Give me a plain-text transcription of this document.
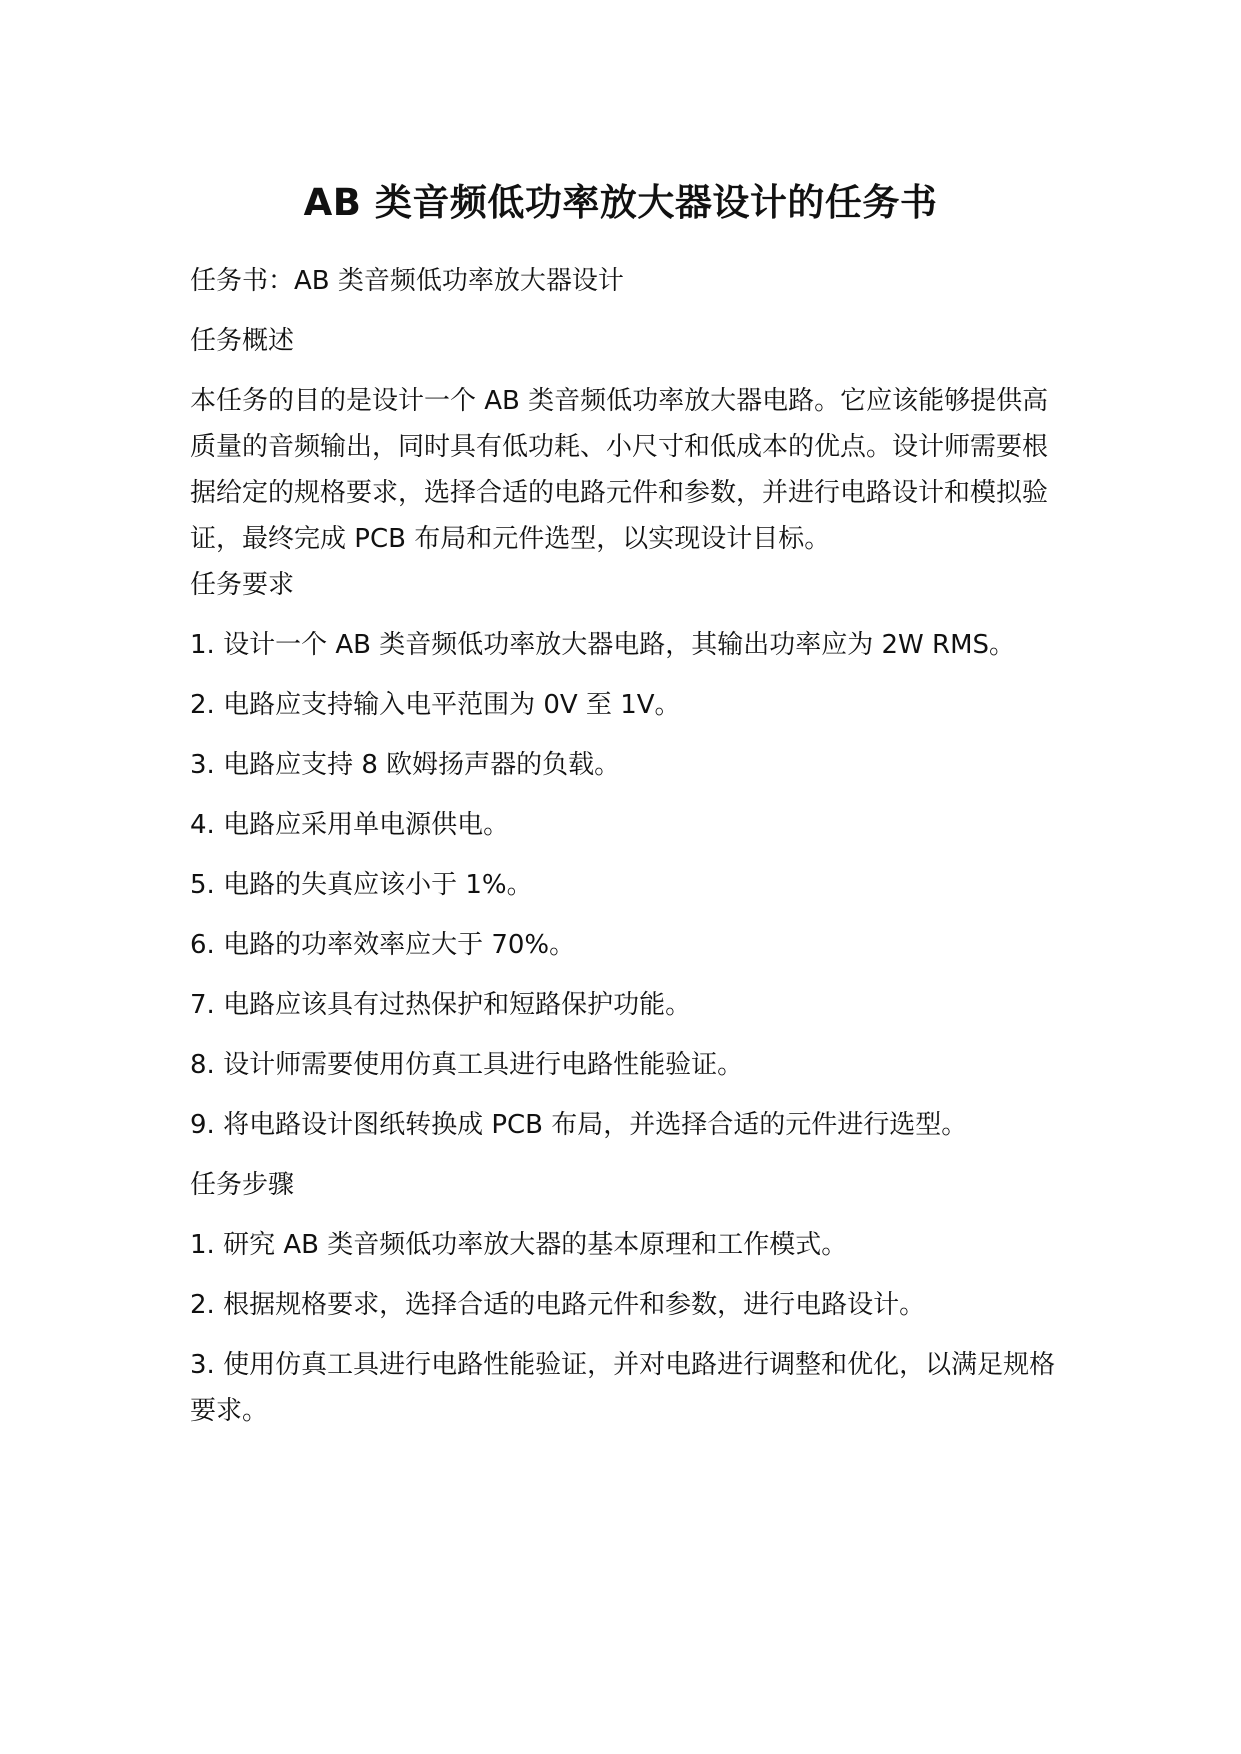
AB 类音频低功率放大器设计的任务书

任务书：AB 类音频低功率放大器设计

任务概述

本任务的目的是设计一个 AB 类音频低功率放大器电路。它应该能够提供高质量的音频输出，同时具有低功耗、小尺寸和低成本的优点。设计师需要根据给定的规格要求，选择合适的电路元件和参数，并进行电路设计和模拟验证，最终完成 PCB 布局和元件选型，以实现设计目标。

任务要求

1. 设计一个 AB 类音频低功率放大器电路，其输出功率应为 2W RMS。

2. 电路应支持输入电平范围为 0V 至 1V。

3. 电路应支持 8 欧姆扬声器的负载。

4. 电路应采用单电源供电。

5. 电路的失真应该小于 1%。

6. 电路的功率效率应大于 70%。

7. 电路应该具有过热保护和短路保护功能。

8. 设计师需要使用仿真工具进行电路性能验证。

9. 将电路设计图纸转换成 PCB 布局，并选择合适的元件进行选型。

任务步骤

1. 研究 AB 类音频低功率放大器的基本原理和工作模式。

2. 根据规格要求，选择合适的电路元件和参数，进行电路设计。

3. 使用仿真工具进行电路性能验证，并对电路进行调整和优化，以满足规格要求。
